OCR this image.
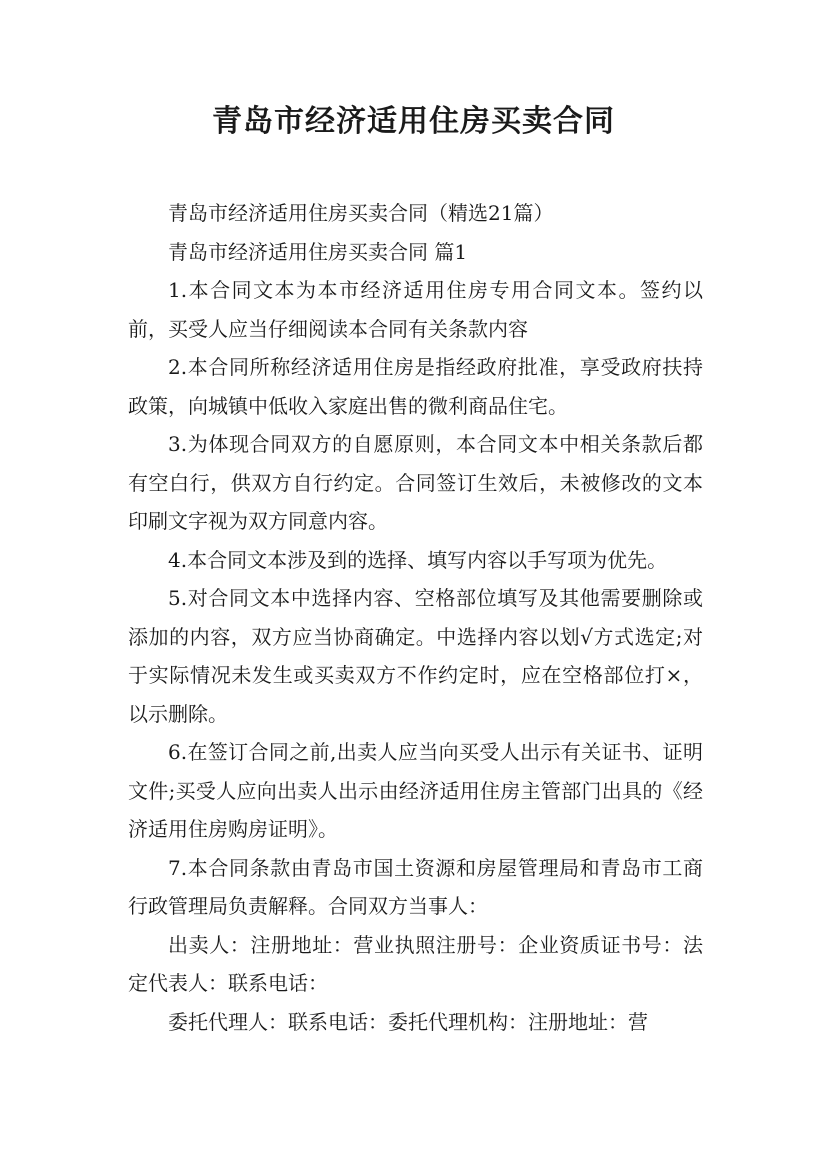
青岛市经济适用住房买卖合同

青岛市经济适用住房买卖合同（精选21篇）

青岛市经济适用住房买卖合同 篇1

1.本合同文本为本市经济适用住房专用合同文本。签约以前，买受人应当仔细阅读本合同有关条款内容

2.本合同所称经济适用住房是指经政府批准，享受政府扶持政策，向城镇中低收入家庭出售的微利商品住宅。

3.为体现合同双方的自愿原则，本合同文本中相关条款后都有空白行，供双方自行约定。合同签订生效后，未被修改的文本印刷文字视为双方同意内容。

4.本合同文本涉及到的选择、填写内容以手写项为优先。

5.对合同文本中选择内容、空格部位填写及其他需要删除或添加的内容，双方应当协商确定。中选择内容以划√方式选定;对于实际情况未发生或买卖双方不作约定时，应在空格部位打×，以示删除。

6.在签订合同之前,出卖人应当向买受人出示有关证书、证明文件;买受人应向出卖人出示由经济适用住房主管部门出具的《经济适用住房购房证明》。

7.本合同条款由青岛市国土资源和房屋管理局和青岛市工商行政管理局负责解释。合同双方当事人：

出卖人：注册地址：营业执照注册号：企业资质证书号：法定代表人：联系电话：

委托代理人：联系电话：委托代理机构：注册地址：营
